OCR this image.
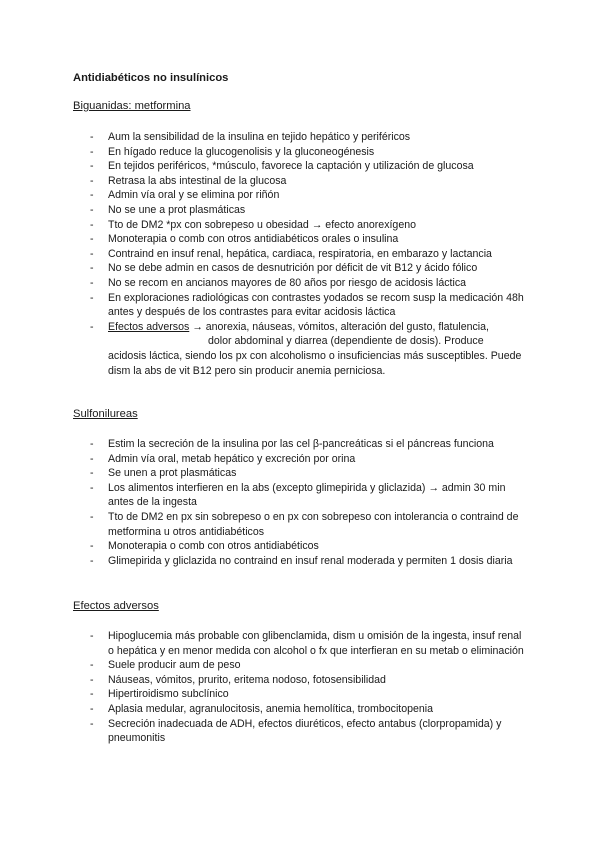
Antidiabéticos no insulínicos
Biguanidas: metformina
- Aum la sensibilidad de la insulina en tejido hepático y periféricos
- En hígado reduce la glucogenolisis y la gluconeogénesis
- En tejidos periféricos, *músculo, favorece la captación y utilización de glucosa
- Retrasa la abs intestinal de la glucosa
- Admin vía oral y se elimina por riñón
- No se une a prot plasmáticas
- Tto de DM2 *px con sobrepeso u obesidad → efecto anorexígeno
- Monoterapia o comb con otros antidiabéticos orales o insulina
- Contraind en insuf renal, hepática, cardiaca, respiratoria, en embarazo y lactancia
- No se debe admin en casos de desnutrición por déficit de vit B12 y ácido fólico
- No se recom en ancianos mayores de 80 años por riesgo de acidosis láctica
- En exploraciones radiológicas con contrastes yodados se recom susp la medicación 48h antes y después de los contrastes para evitar acidosis láctica
- Efectos adversos → anorexia, náuseas, vómitos, alteración del gusto, flatulencia,
dolor abdominal y diarrea (dependiente de dosis). Produce
acidosis láctica, siendo los px con alcoholismo o insuficiencias más susceptibles. Puede dism la abs de vit B12 pero sin producir anemia perniciosa.
Sulfonilureas
- Estim la secreción de la insulina por las cel β-pancreáticas si el páncreas funciona
- Admin vía oral, metab hepático y excreción por orina
- Se unen a prot plasmáticas
- Los alimentos interfieren en la abs (excepto glimepirida y gliclazida) → admin 30 min antes de la ingesta
- Tto de DM2 en px sin sobrepeso o en px con sobrepeso con intolerancia o contraind de metformina u otros antidiabéticos
- Monoterapia o comb con otros antidiabéticos
- Glimepirida y gliclazida no contraind en insuf renal moderada y permiten 1 dosis diaria
Efectos adversos
- Hipoglucemia más probable con glibenclamida, dism u omisión de la ingesta, insuf renal o hepática y en menor medida con alcohol o fx que interfieran en su metab o eliminación
- Suele producir aum de peso
- Náuseas, vómitos, prurito, eritema nodoso, fotosensibilidad
- Hipertiroidismo subclínico
- Aplasia medular, agranulocitosis, anemia hemolítica, trombocitopenia
- Secreción inadecuada de ADH, efectos diuréticos, efecto antabus (clorpropamida) y pneumonitis
